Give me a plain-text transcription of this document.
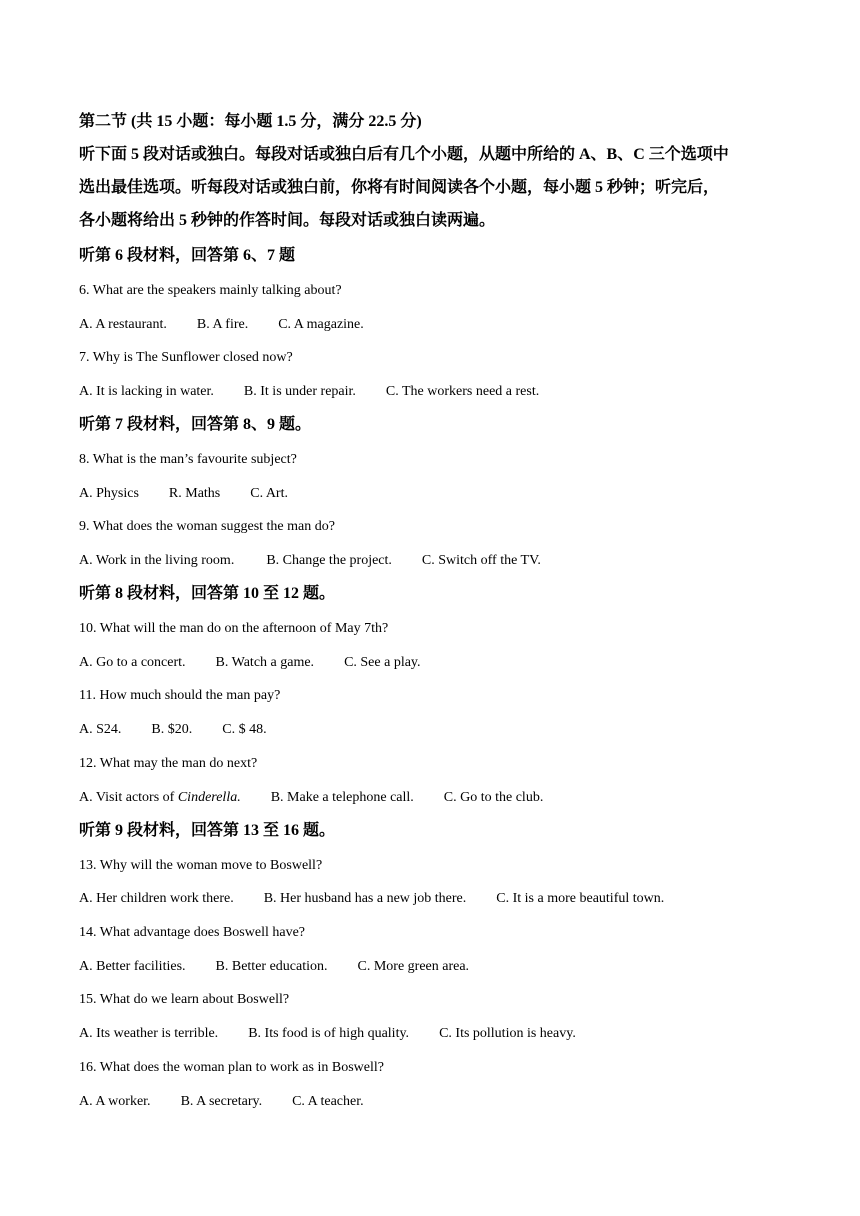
第二节 (共 15 小题：每小题 1.5 分，满分 22.5 分)
听下面 5 段对话或独白。每段对话或独白后有几个小题，从题中所给的 A、B、C 三个选项中
选出最佳选项。听每段对话或独白前，你将有时间阅读各个小题，每小题 5 秒钟；听完后，
各小题将给出 5 秒钟的作答时间。每段对话或独白读两遍。
听第 6 段材料，回答第 6、7 题
6. What are the speakers mainly talking about?
A. A restaurant. B. A fire. C. A magazine.
7. Why is The Sunflower closed now?
A. It is lacking in water. B. It is under repair. C. The workers need a rest.
听第 7 段材料，回答第 8、9 题。
8. What is the man’s favourite subject?
A. Physics R. Maths C. Art.
9. What does the woman suggest the man do?
A. Work in the living room. B. Change the project. C. Switch off the TV.
听第 8 段材料，回答第 10 至 12 题。
10. What will the man do on the afternoon of May 7th?
A. Go to a concert. B. Watch a game. C. See a play.
11. How much should the man pay?
A. S24. B. $20. C. $ 48.
12. What may the man do next?
A. Visit actors of Cinderella. B. Make a telephone call. C. Go to the club.
听第 9 段材料，回答第 13 至 16 题。
13. Why will the woman move to Boswell?
A. Her children work there. B. Her husband has a new job there. C. It is a more beautiful town.
14. What advantage does Boswell have?
A. Better facilities. B. Better education. C. More green area.
15. What do we learn about Boswell?
A. Its weather is terrible. B. Its food is of high quality. C. Its pollution is heavy.
16. What does the woman plan to work as in Boswell?
A. A worker. B. A secretary. C. A teacher.
